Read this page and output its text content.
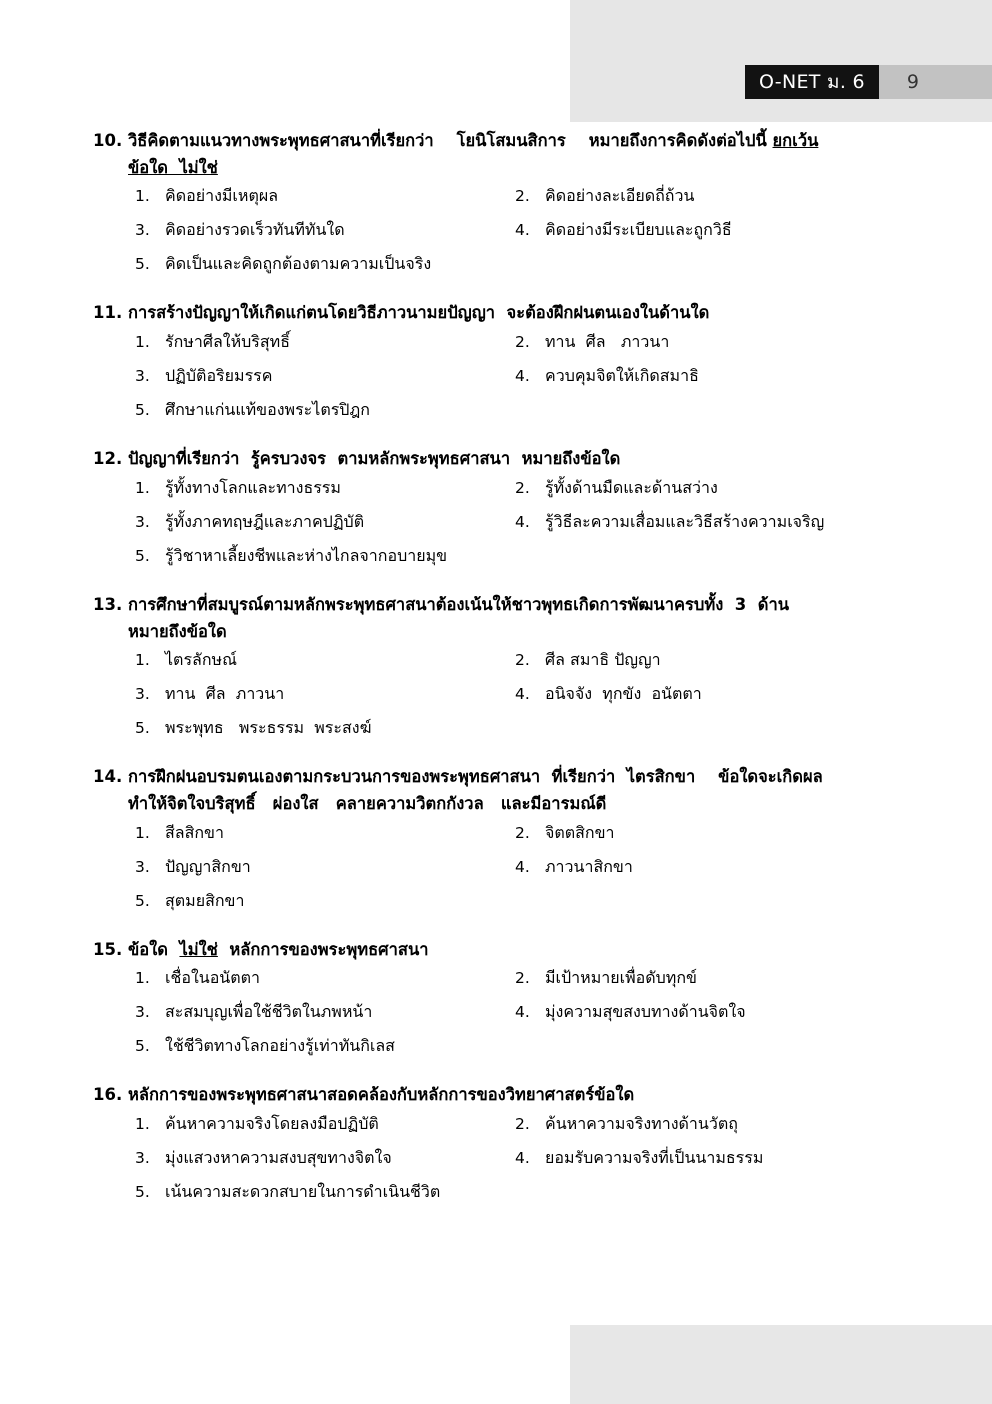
O-NET ม. 6	9
10. วิธีคิดตามแนวทางพระพุทธศาสนาที่เรียกว่า    โยนิโสมนสิการ    หมายถึงการคิดดังต่อไปนี้ ยกเว้น
ข้อใด  ไม่ใช่
1. คิดอย่างมีเหตุผล	2. คิดอย่างละเอียดถี่ถ้วน
3. คิดอย่างรวดเร็วทันทีทันใด	4. คิดอย่างมีระเบียบและถูกวิธี
5. คิดเป็นและคิดถูกต้องตามความเป็นจริง
11. การสร้างปัญญาให้เกิดแก่ตนโดยวิธีภาวนามยปัญญา  จะต้องฝึกฝนตนเองในด้านใด
1. รักษาศีลให้บริสุทธิ์	2. ทาน  ศีล   ภาวนา
3. ปฏิบัติอริยมรรค	4. ควบคุมจิตให้เกิดสมาธิ
5. ศึกษาแก่นแท้ของพระไตรปิฎก
12. ปัญญาที่เรียกว่า  รู้ครบวงจร  ตามหลักพระพุทธศาสนา  หมายถึงข้อใด
1. รู้ทั้งทางโลกและทางธรรม	2. รู้ทั้งด้านมืดและด้านสว่าง
3. รู้ทั้งภาคทฤษฎีและภาคปฏิบัติ	4. รู้วิธีละความเสื่อมและวิธีสร้างความเจริญ
5. รู้วิชาหาเลี้ยงชีพและห่างไกลจากอบายมุข
13. การศึกษาที่สมบูรณ์ตามหลักพระพุทธศาสนาต้องเน้นให้ชาวพุทธเกิดการพัฒนาครบทั้ง  3  ด้าน
หมายถึงข้อใด
1. ไตรลักษณ์	2. ศีล สมาธิ ปัญญา
3. ทาน  ศีล  ภาวนา	4. อนิจจัง  ทุกขัง  อนัตตา
5. พระพุทธ   พระธรรม  พระสงฆ์
14. การฝึกฝนอบรมตนเองตามกระบวนการของพระพุทธศาสนา  ที่เรียกว่า  ไตรสิกขา    ข้อใดจะเกิดผล
ทำให้จิตใจบริสุทธิ์   ผ่องใส   คลายความวิตกกังวล   และมีอารมณ์ดี
1. สีลสิกขา	2. จิตตสิกขา
3. ปัญญาสิกขา	4. ภาวนาสิกขา
5. สุตมยสิกขา
15. ข้อใด  ไม่ใช่  หลักการของพระพุทธศาสนา
1. เชื่อในอนัตตา	2. มีเป้าหมายเพื่อดับทุกข์
3. สะสมบุญเพื่อใช้ชีวิตในภพหน้า	4. มุ่งความสุขสงบทางด้านจิตใจ
5. ใช้ชีวิตทางโลกอย่างรู้เท่าทันกิเลส
16. หลักการของพระพุทธศาสนาสอดคล้องกับหลักการของวิทยาศาสตร์ข้อใด
1. ค้นหาความจริงโดยลงมือปฏิบัติ	2. ค้นหาความจริงทางด้านวัตถุ
3. มุ่งแสวงหาความสงบสุขทางจิตใจ	4. ยอมรับความจริงที่เป็นนามธรรม
5. เน้นความสะดวกสบายในการดำเนินชีวิต
